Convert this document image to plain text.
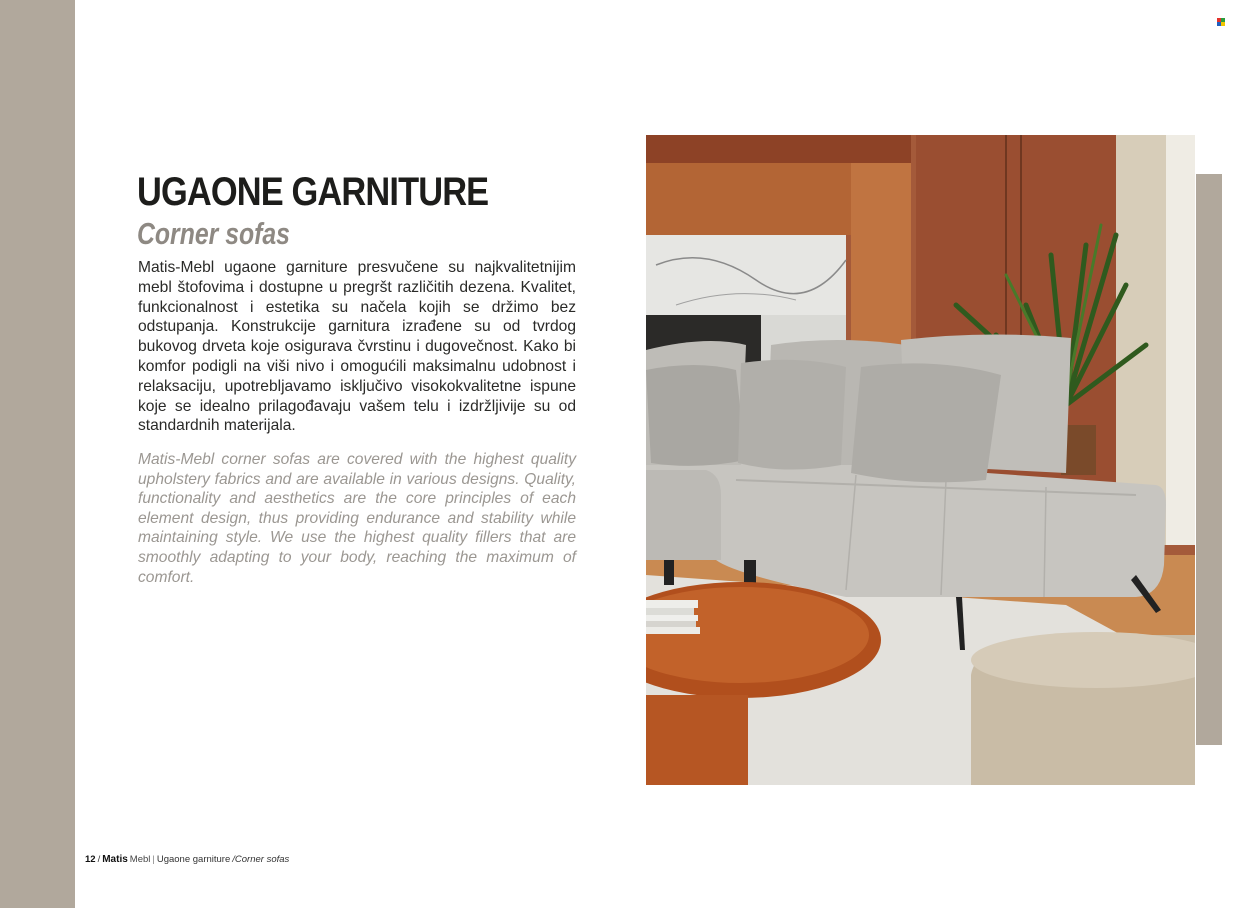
UGAONE GARNITURE
Corner sofas

Matis-Mebl ugaone garniture presvučene su najkvalitetnijim mebl štofovima i dostupne u pregršt različitih dezena. Kvalitet, funkcionalnost i estetika su načela kojih se držimo bez odstupanja. Konstrukcije garnitura izrađene su od tvrdog bukovog drveta koje osigurava čvrstinu i dugovečnost. Kako bi komfor podigli na viši nivo i omogućili maksimalnu udobnost i relaksaciju, upotrebljavamo isključivo visokokvalitetne ispune koje se idealno prilagođavaju vašem telu i izdržljivije su od standardnih materijala.

Matis-Mebl corner sofas are covered with the highest quality upholstery fabrics and are available in various designs. Quality, functionality and aesthetics are the core principles of each element design, thus providing endurance and stability while maintaining style. We use the highest quality fillers that are smoothly adapting to your body, reaching the maximum of comfort.

12 / Matis Mebl | Ugaone garniture /Corner sofas
